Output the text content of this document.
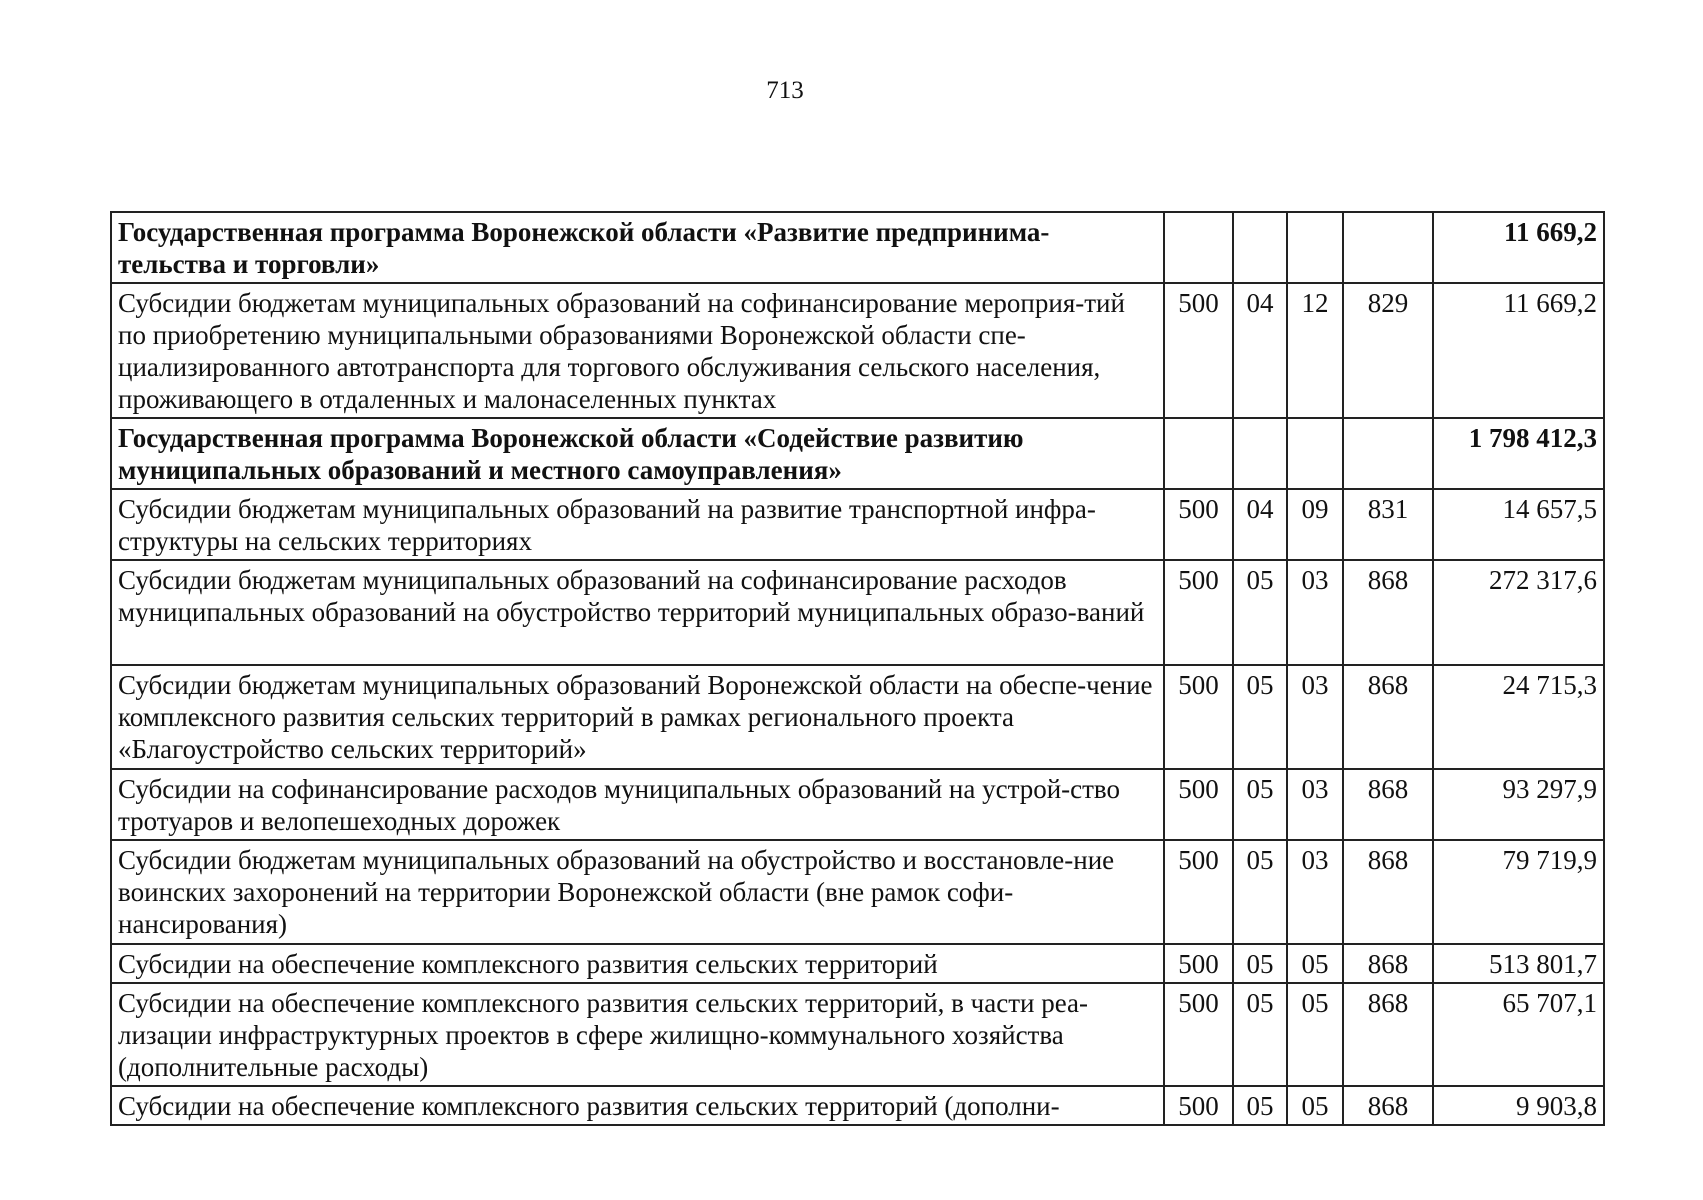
713
Государственная программа Воронежской области «Развитие предпринима-тельства и торговли»					11 669,2
Субсидии бюджетам муниципальных образований на софинансирование мероприя-тий по приобретению муниципальными образованиями Воронежской области спе-циализированного автотранспорта для торгового обслуживания сельского населения, проживающего в отдаленных и малонаселенных пунктах	500	04	12	829	11 669,2
Государственная программа Воронежской области «Содействие развитию муниципальных образований и местного самоуправления»					1 798 412,3
Субсидии бюджетам муниципальных образований на развитие транспортной инфра-структуры на сельских территориях	500	04	09	831	14 657,5
Субсидии бюджетам муниципальных образований на софинансирование расходов муниципальных образований на обустройство территорий муниципальных образо-ваний	500	05	03	868	272 317,6
Субсидии бюджетам муниципальных образований Воронежской области на обеспе-чение комплексного развития сельских территорий в рамках регионального проекта «Благоустройство сельских территорий»	500	05	03	868	24 715,3
Субсидии на софинансирование расходов муниципальных образований на устрой-ство тротуаров и велопешеходных дорожек	500	05	03	868	93 297,9
Субсидии бюджетам муниципальных образований на обустройство и восстановле-ние воинских захоронений на территории Воронежской области (вне рамок софи-нансирования)	500	05	03	868	79 719,9
Субсидии на обеспечение комплексного развития сельских территорий	500	05	05	868	513 801,7
Субсидии на обеспечение комплексного развития сельских территорий, в части реа-лизации инфраструктурных проектов в сфере жилищно-коммунального хозяйства (дополнительные расходы)	500	05	05	868	65 707,1
Субсидии на обеспечение комплексного развития сельских территорий (дополни-	500	05	05	868	9 903,8
